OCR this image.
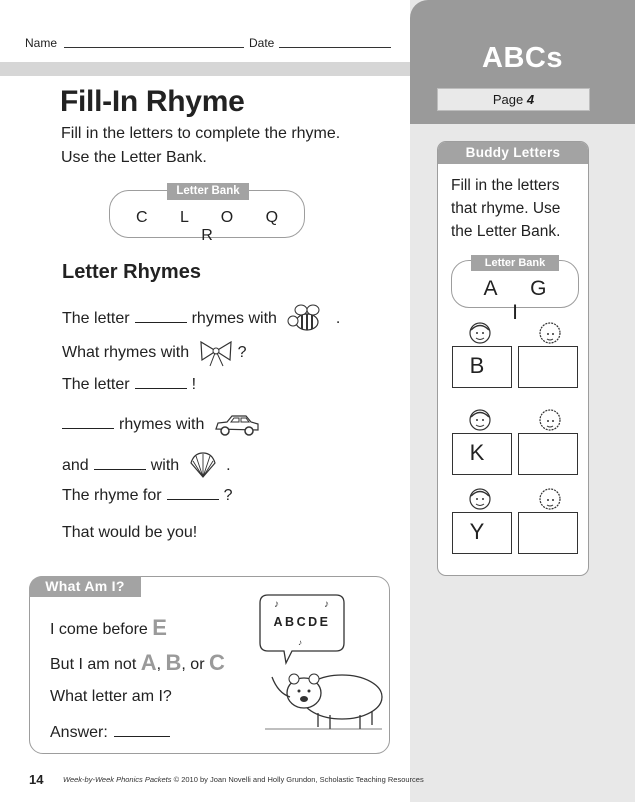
Name	Date	ABCs
Page 4
Buddy Letters
Fill in the letters that rhyme. Use the Letter Bank.
Letter Bank
A G I
B
K
Y
Fill-In Rhyme
Fill in the letters to complete the rhyme.
Use the Letter Bank.
Letter Bank
C L O Q R
Letter Rhymes
The letter	rhymes with	.
What rhymes with	?
The letter	!
rhymes with
and	with	.
The rhyme for	?
That would be you!
What Am I?
I come before E
But I am not A, B, or C
What letter am I?
Answer:
♪	♪
♪
ABCDE
14	Week-by-Week Phonics Packets © 2010 by Joan Novelli and Holly Grundon, Scholastic Teaching Resources
